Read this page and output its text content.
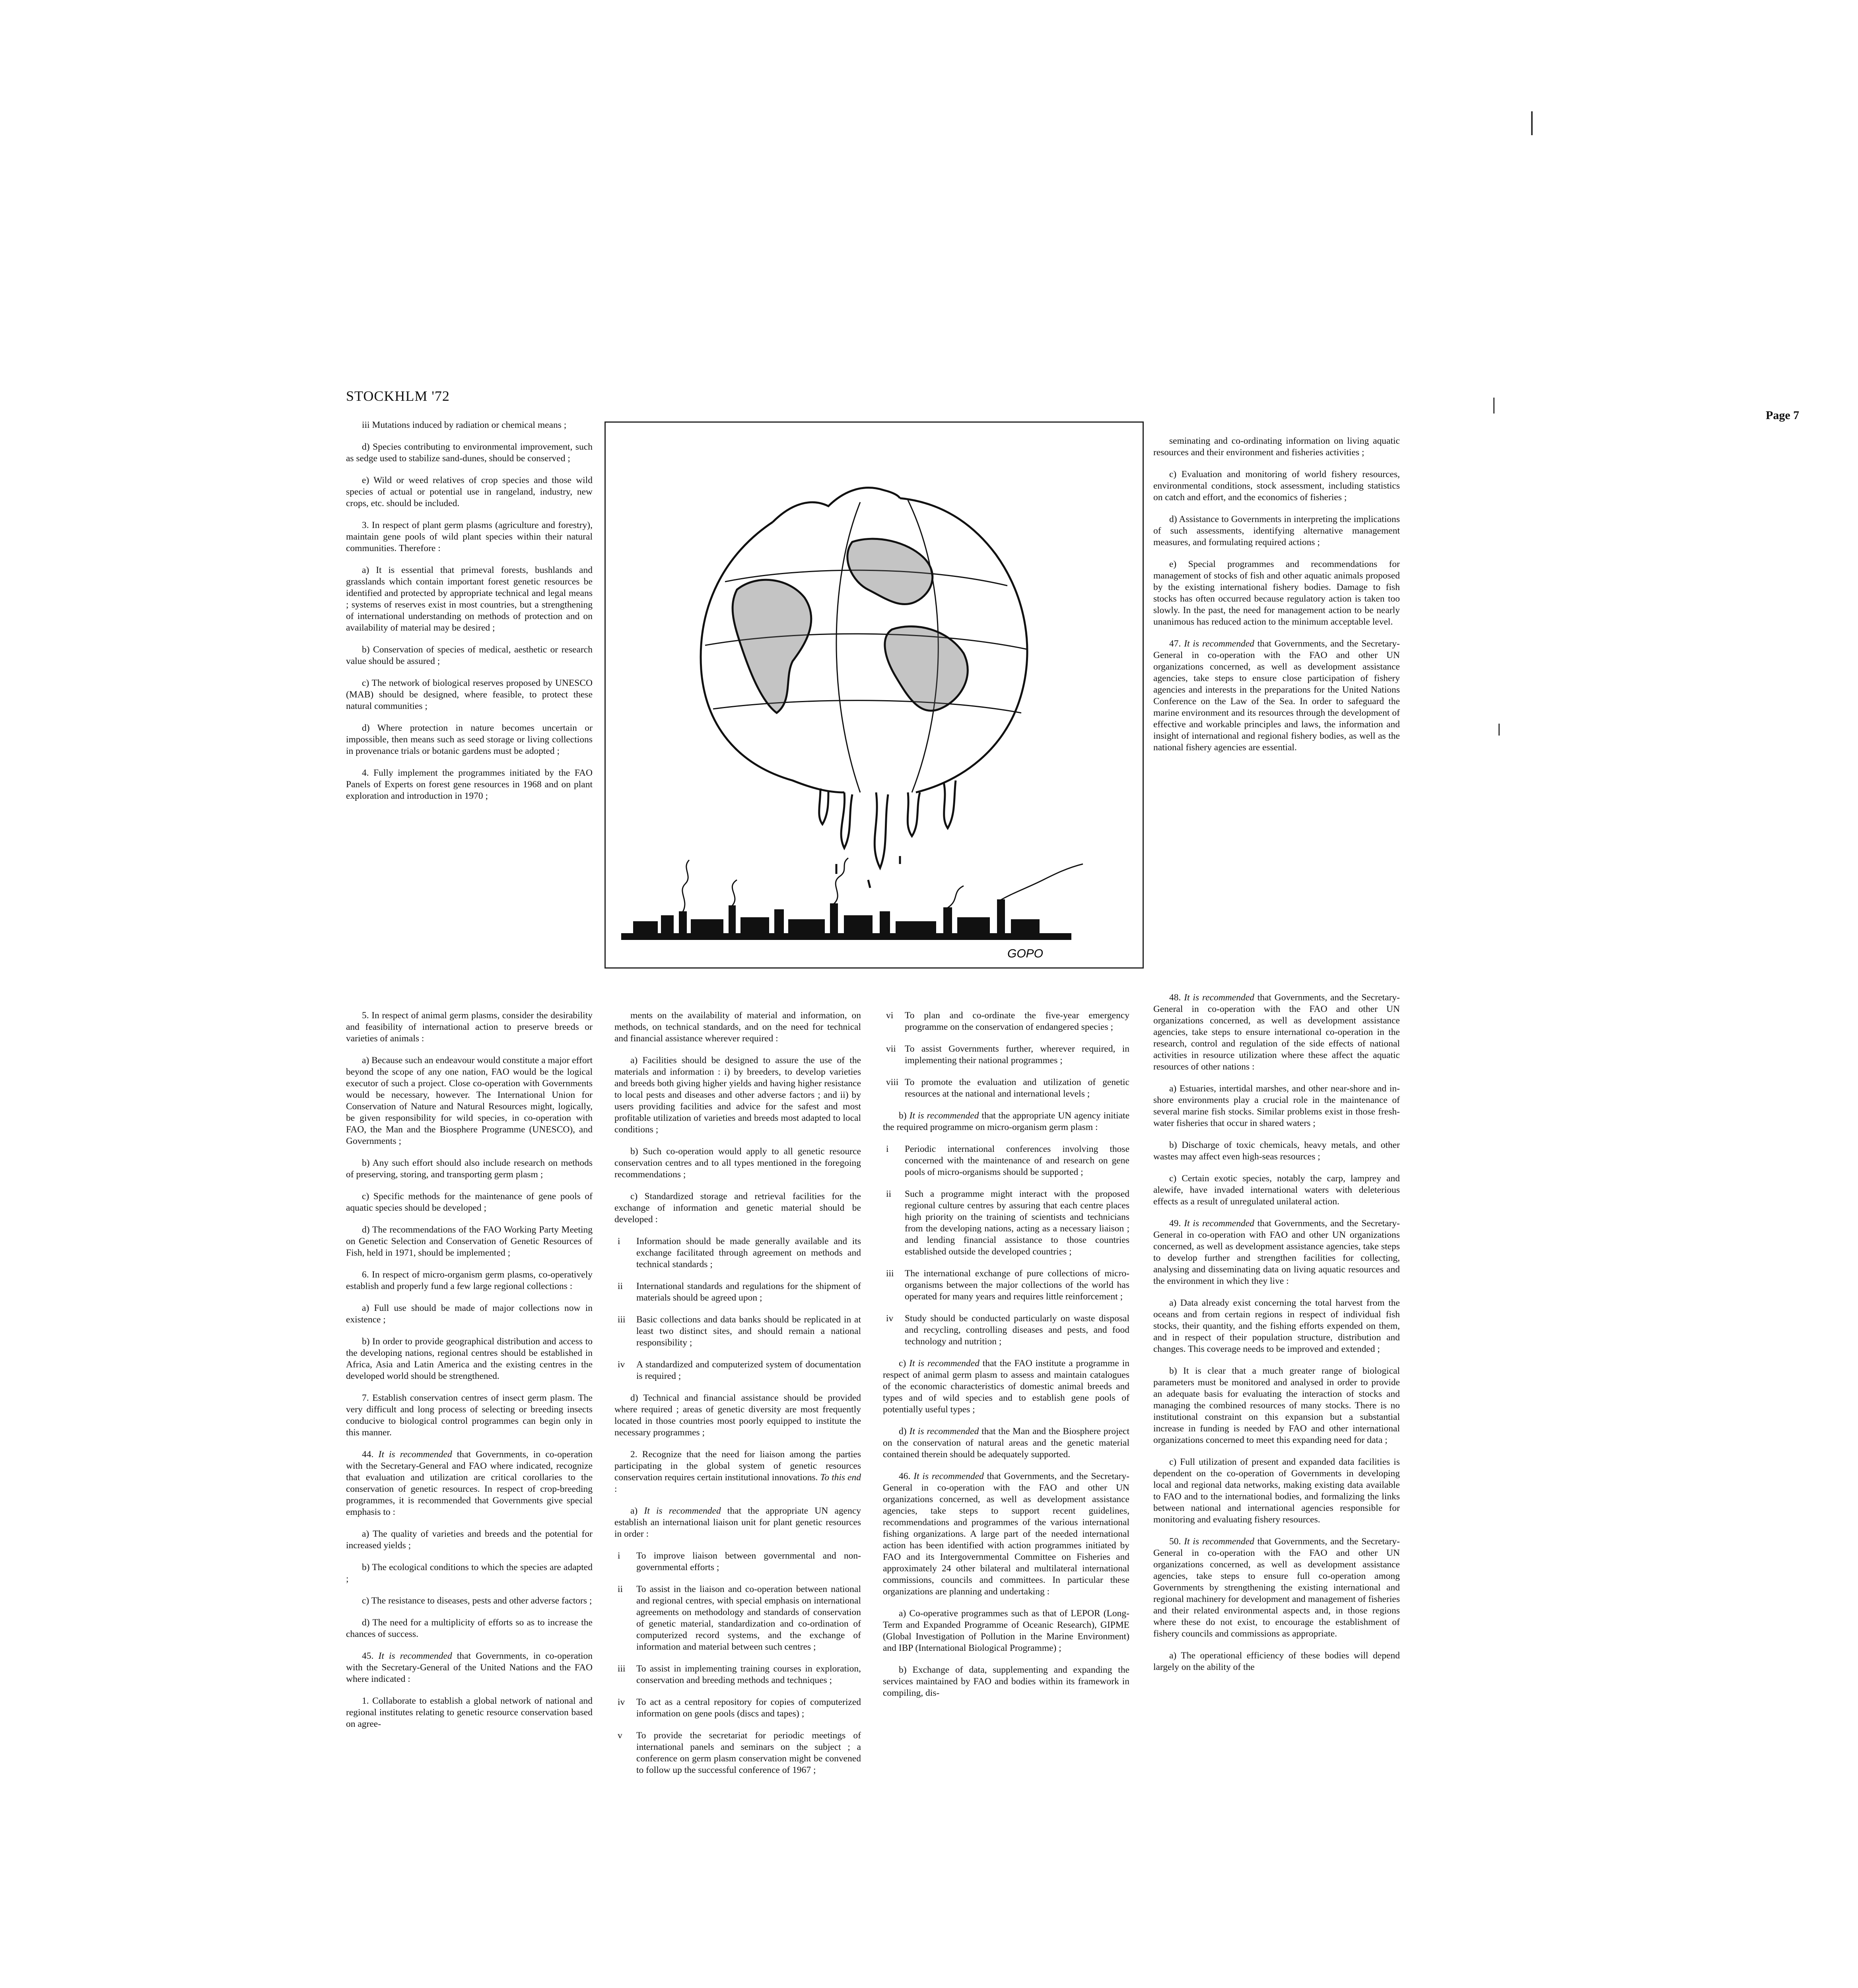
STOCKHLM '72
Page 7

iii Mutations induced by radiation or chemical means ;

d) Species contributing to environmental improvement, such as sedge used to stabilize sand-dunes, should be conserved ;

e) Wild or weed relatives of crop species and those wild species of actual or potential use in rangeland, industry, new crops, etc. should be included.

3. In respect of plant germ plasms (agriculture and forestry), maintain gene pools of wild plant species within their natural communities. Therefore :

a) It is essential that primeval forests, bushlands and grasslands which contain important forest genetic resources be identified and protected by appropriate technical and legal means ; systems of reserves exist in most countries, but a strengthening of international understanding on methods of protection and on availability of material may be desired ;

b) Conservation of species of medical, aesthetic or research value should be assured ;

c) The network of biological reserves proposed by UNESCO (MAB) should be designed, where feasible, to protect these natural communities ;

d) Where protection in nature becomes uncertain or impossible, then means such as seed storage or living collections in provenance trials or botanic gardens must be adopted ;

4. Fully implement the programmes initiated by the FAO Panels of Experts on forest gene resources in 1968 and on plant exploration and introduction in 1970 ;

GOPO

5. In respect of animal germ plasms, consider the desirability and feasibility of international action to preserve breeds or varieties of animals :

a) Because such an endeavour would constitute a major effort beyond the scope of any one nation, FAO would be the logical executor of such a project. Close co-operation with Governments would be necessary, however. The International Union for Conservation of Nature and Natural Resources might, logically, be given responsibility for wild species, in co-operation with FAO, the Man and the Biosphere Programme (UNESCO), and Governments ;

b) Any such effort should also include research on methods of preserving, storing, and transporting germ plasm ;

c) Specific methods for the maintenance of gene pools of aquatic species should be developed ;

d) The recommendations of the FAO Working Party Meeting on Genetic Selection and Conservation of Genetic Resources of Fish, held in 1971, should be implemented ;

6. In respect of micro-organism germ plasms, co-operatively establish and properly fund a few large regional collections :

a) Full use should be made of major collections now in existence ;

b) In order to provide geographical distribution and access to the developing nations, regional centres should be established in Africa, Asia and Latin America and the existing centres in the developed world should be strengthened.

7. Establish conservation centres of insect germ plasm. The very difficult and long process of selecting or breeding insects conducive to biological control programmes can begin only in this manner.

44. It is recommended that Governments, in co-operation with the Secretary-General and FAO where indicated, recognize that evaluation and utilization are critical corollaries to the conservation of genetic resources. In respect of crop-breeding programmes, it is recommended that Governments give special emphasis to :

a) The quality of varieties and breeds and the potential for increased yields ;

b) The ecological conditions to which the species are adapted ;

c) The resistance to diseases, pests and other adverse factors ;

d) The need for a multiplicity of efforts so as to increase the chances of success.

45. It is recommended that Governments, in co-operation with the Secretary-General of the United Nations and the FAO where indicated :

1. Collaborate to establish a global network of national and regional institutes relating to genetic resource conservation based on agree-

ments on the availability of material and information, on methods, on technical standards, and on the need for technical and financial assistance wherever required :

a) Facilities should be designed to assure the use of the materials and information : i) by breeders, to develop varieties and breeds both giving higher yields and having higher resistance to local pests and diseases and other adverse factors ; and ii) by users providing facilities and advice for the safest and most profitable utilization of varieties and breeds most adapted to local conditions ;

b) Such co-operation would apply to all genetic resource conservation centres and to all types mentioned in the foregoing recommendations ;

c) Standardized storage and retrieval facilities for the exchange of information and genetic material should be developed :

i Information should be made generally available and its exchange facilitated through agreement on methods and technical standards ;

ii International standards and regulations for the shipment of materials should be agreed upon ;

iii Basic collections and data banks should be replicated in at least two distinct sites, and should remain a national responsibility ;

iv A standardized and computerized system of documentation is required ;

d) Technical and financial assistance should be provided where required ; areas of genetic diversity are most frequently located in those countries most poorly equipped to institute the necessary programmes ;

2. Recognize that the need for liaison among the parties participating in the global system of genetic resources conservation requires certain institutional innovations. To this end :

a) It is recommended that the appropriate UN agency establish an international liaison unit for plant genetic resources in order :

i To improve liaison between governmental and non-governmental efforts ;

ii To assist in the liaison and co-operation between national and regional centres, with special emphasis on international agreements on methodology and standards of conservation of genetic material, standardization and co-ordination of computerized record systems, and the exchange of information and material between such centres ;

iii To assist in implementing training courses in exploration, conservation and breeding methods and techniques ;

iv To act as a central repository for copies of computerized information on gene pools (discs and tapes) ;

v To provide the secretariat for periodic meetings of international panels and seminars on the subject ; a conference on germ plasm conservation might be convened to follow up the successful conference of 1967 ;

vi To plan and co-ordinate the five-year emergency programme on the conservation of endangered species ;

vii To assist Governments further, wherever required, in implementing their national programmes ;

viii To promote the evaluation and utilization of genetic resources at the national and international levels ;

b) It is recommended that the appropriate UN agency initiate the required programme on micro-organism germ plasm :

i Periodic international conferences involving those concerned with the maintenance of and research on gene pools of micro-organisms should be supported ;

ii Such a programme might interact with the proposed regional culture centres by assuring that each centre places high priority on the training of scientists and technicians from the developing nations, acting as a necessary liaison ; and lending financial assistance to those countries established outside the developed countries ;

iii The international exchange of pure collections of micro-organisms between the major collections of the world has operated for many years and requires little reinforcement ;

iv Study should be conducted particularly on waste disposal and recycling, controlling diseases and pests, and food technology and nutrition ;

c) It is recommended that the FAO institute a programme in respect of animal germ plasm to assess and maintain catalogues of the economic characteristics of domestic animal breeds and types and of wild species and to establish gene pools of potentially useful types ;

d) It is recommended that the Man and the Biosphere project on the conservation of natural areas and the genetic material contained therein should be adequately supported.

46. It is recommended that Governments, and the Secretary-General in co-operation with the FAO and other UN organizations concerned, as well as development assistance agencies, take steps to support recent guidelines, recommendations and programmes of the various international fishing organizations. A large part of the needed international action has been identified with action programmes initiated by FAO and its Intergovernmental Committee on Fisheries and approximately 24 other bilateral and multilateral international commissions, councils and committees. In particular these organizations are planning and undertaking :

a) Co-operative programmes such as that of LEPOR (Long-Term and Expanded Programme of Oceanic Research), GIPME (Global Investigation of Pollution in the Marine Environment) and IBP (International Biological Programme) ;

b) Exchange of data, supplementing and expanding the services maintained by FAO and bodies within its framework in compiling, dis-

seminating and co-ordinating information on living aquatic resources and their environment and fisheries activities ;

c) Evaluation and monitoring of world fishery resources, environmental conditions, stock assessment, including statistics on catch and effort, and the economics of fisheries ;

d) Assistance to Governments in interpreting the implications of such assessments, identifying alternative management measures, and formulating required actions ;

e) Special programmes and recommendations for management of stocks of fish and other aquatic animals proposed by the existing international fishery bodies. Damage to fish stocks has often occurred because regulatory action is taken too slowly. In the past, the need for management action to be nearly unanimous has reduced action to the minimum acceptable level.

47. It is recommended that Governments, and the Secretary-General in co-operation with the FAO and other UN organizations concerned, as well as development assistance agencies, take steps to ensure close participation of fishery agencies and interests in the preparations for the United Nations Conference on the Law of the Sea. In order to safeguard the marine environment and its resources through the development of effective and workable principles and laws, the information and insight of international and regional fishery bodies, as well as the national fishery agencies are essential.

48. It is recommended that Governments, and the Secretary-General in co-operation with the FAO and other UN organizations concerned, as well as development assistance agencies, take steps to ensure international co-operation in the research, control and regulation of the side effects of national activities in resource utilization where these affect the aquatic resources of other nations :

a) Estuaries, intertidal marshes, and other near-shore and in-shore environments play a crucial role in the maintenance of several marine fish stocks. Similar problems exist in those fresh-water fisheries that occur in shared waters ;

b) Discharge of toxic chemicals, heavy metals, and other wastes may affect even high-seas resources ;

c) Certain exotic species, notably the carp, lamprey and alewife, have invaded international waters with deleterious effects as a result of unregulated unilateral action.

49. It is recommended that Governments, and the Secretary-General in co-operation with FAO and other UN organizations concerned, as well as development assistance agencies, take steps to develop further and strengthen facilities for collecting, analysing and disseminating data on living aquatic resources and the environment in which they live :

a) Data already exist concerning the total harvest from the oceans and from certain regions in respect of individual fish stocks, their quantity, and the fishing efforts expended on them, and in respect of their population structure, distribution and changes. This coverage needs to be improved and extended ;

b) It is clear that a much greater range of biological parameters must be monitored and analysed in order to provide an adequate basis for evaluating the interaction of stocks and managing the combined resources of many stocks. There is no institutional constraint on this expansion but a substantial increase in funding is needed by FAO and other international organizations concerned to meet this expanding need for data ;

c) Full utilization of present and expanded data facilities is dependent on the co-operation of Governments in developing local and regional data networks, making existing data available to FAO and to the international bodies, and formalizing the links between national and international agencies responsible for monitoring and evaluating fishery resources.

50. It is recommended that Governments, and the Secretary-General in co-operation with the FAO and other UN organizations concerned, as well as development assistance agencies, take steps to ensure full co-operation among Governments by strengthening the existing international and regional machinery for development and management of fisheries and their related environmental aspects and, in those regions where these do not exist, to encourage the establishment of fishery councils and commissions as appropriate.

a) The operational efficiency of these bodies will depend largely on the ability of the
